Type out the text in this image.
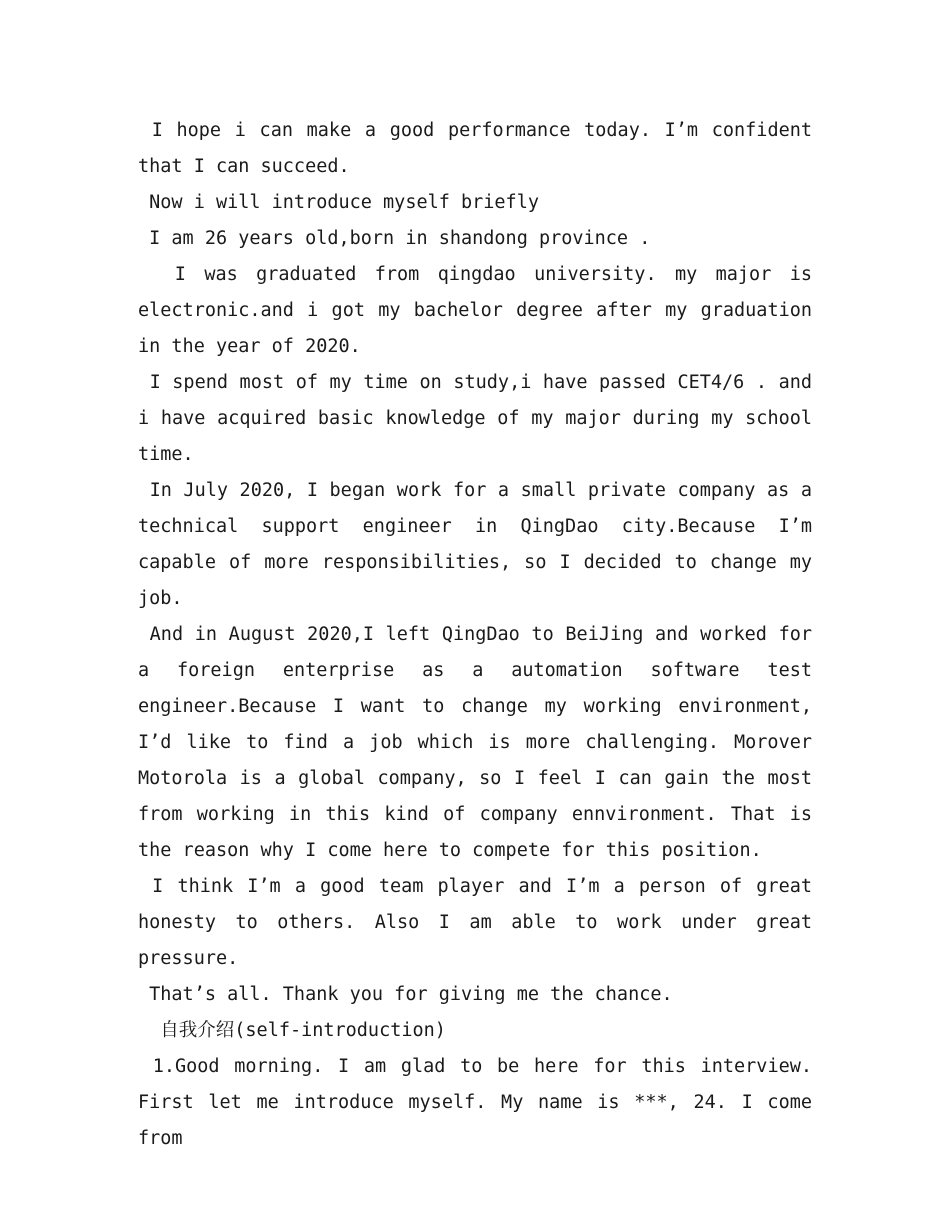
I hope i can make a good performance today. I’m confident that I can succeed.

Now i will introduce myself briefly

I am 26 years old,born in shandong province .

I was graduated from qingdao university. my major is electronic.and i got my bachelor degree after my graduation in the year of 2020.

I spend most of my time on study,i have passed CET4/6 . and i have acquired basic knowledge of my major during my school time.

In July 2020, I began work for a small private company as a technical support engineer in QingDao city.Because I’m capable of more responsibilities, so I decided to change my job.

And in August 2020,I left QingDao to BeiJing and worked for a foreign enterprise as a automation software test engineer.Because I want to change my working environment, I’d like to find a job which is more challenging. Morover Motorola is a global company, so I feel I can gain the most from working in this kind of company ennvironment. That is the reason why I come here to compete for this position.

I think I’m a good team player and I’m a person of great honesty to others. Also I am able to work under great pressure.

That’s all. Thank you for giving me the chance.

自我介绍(self-introduction)

1.Good morning. I am glad to be here for this interview. First let me introduce myself. My name is ***, 24. I come from
